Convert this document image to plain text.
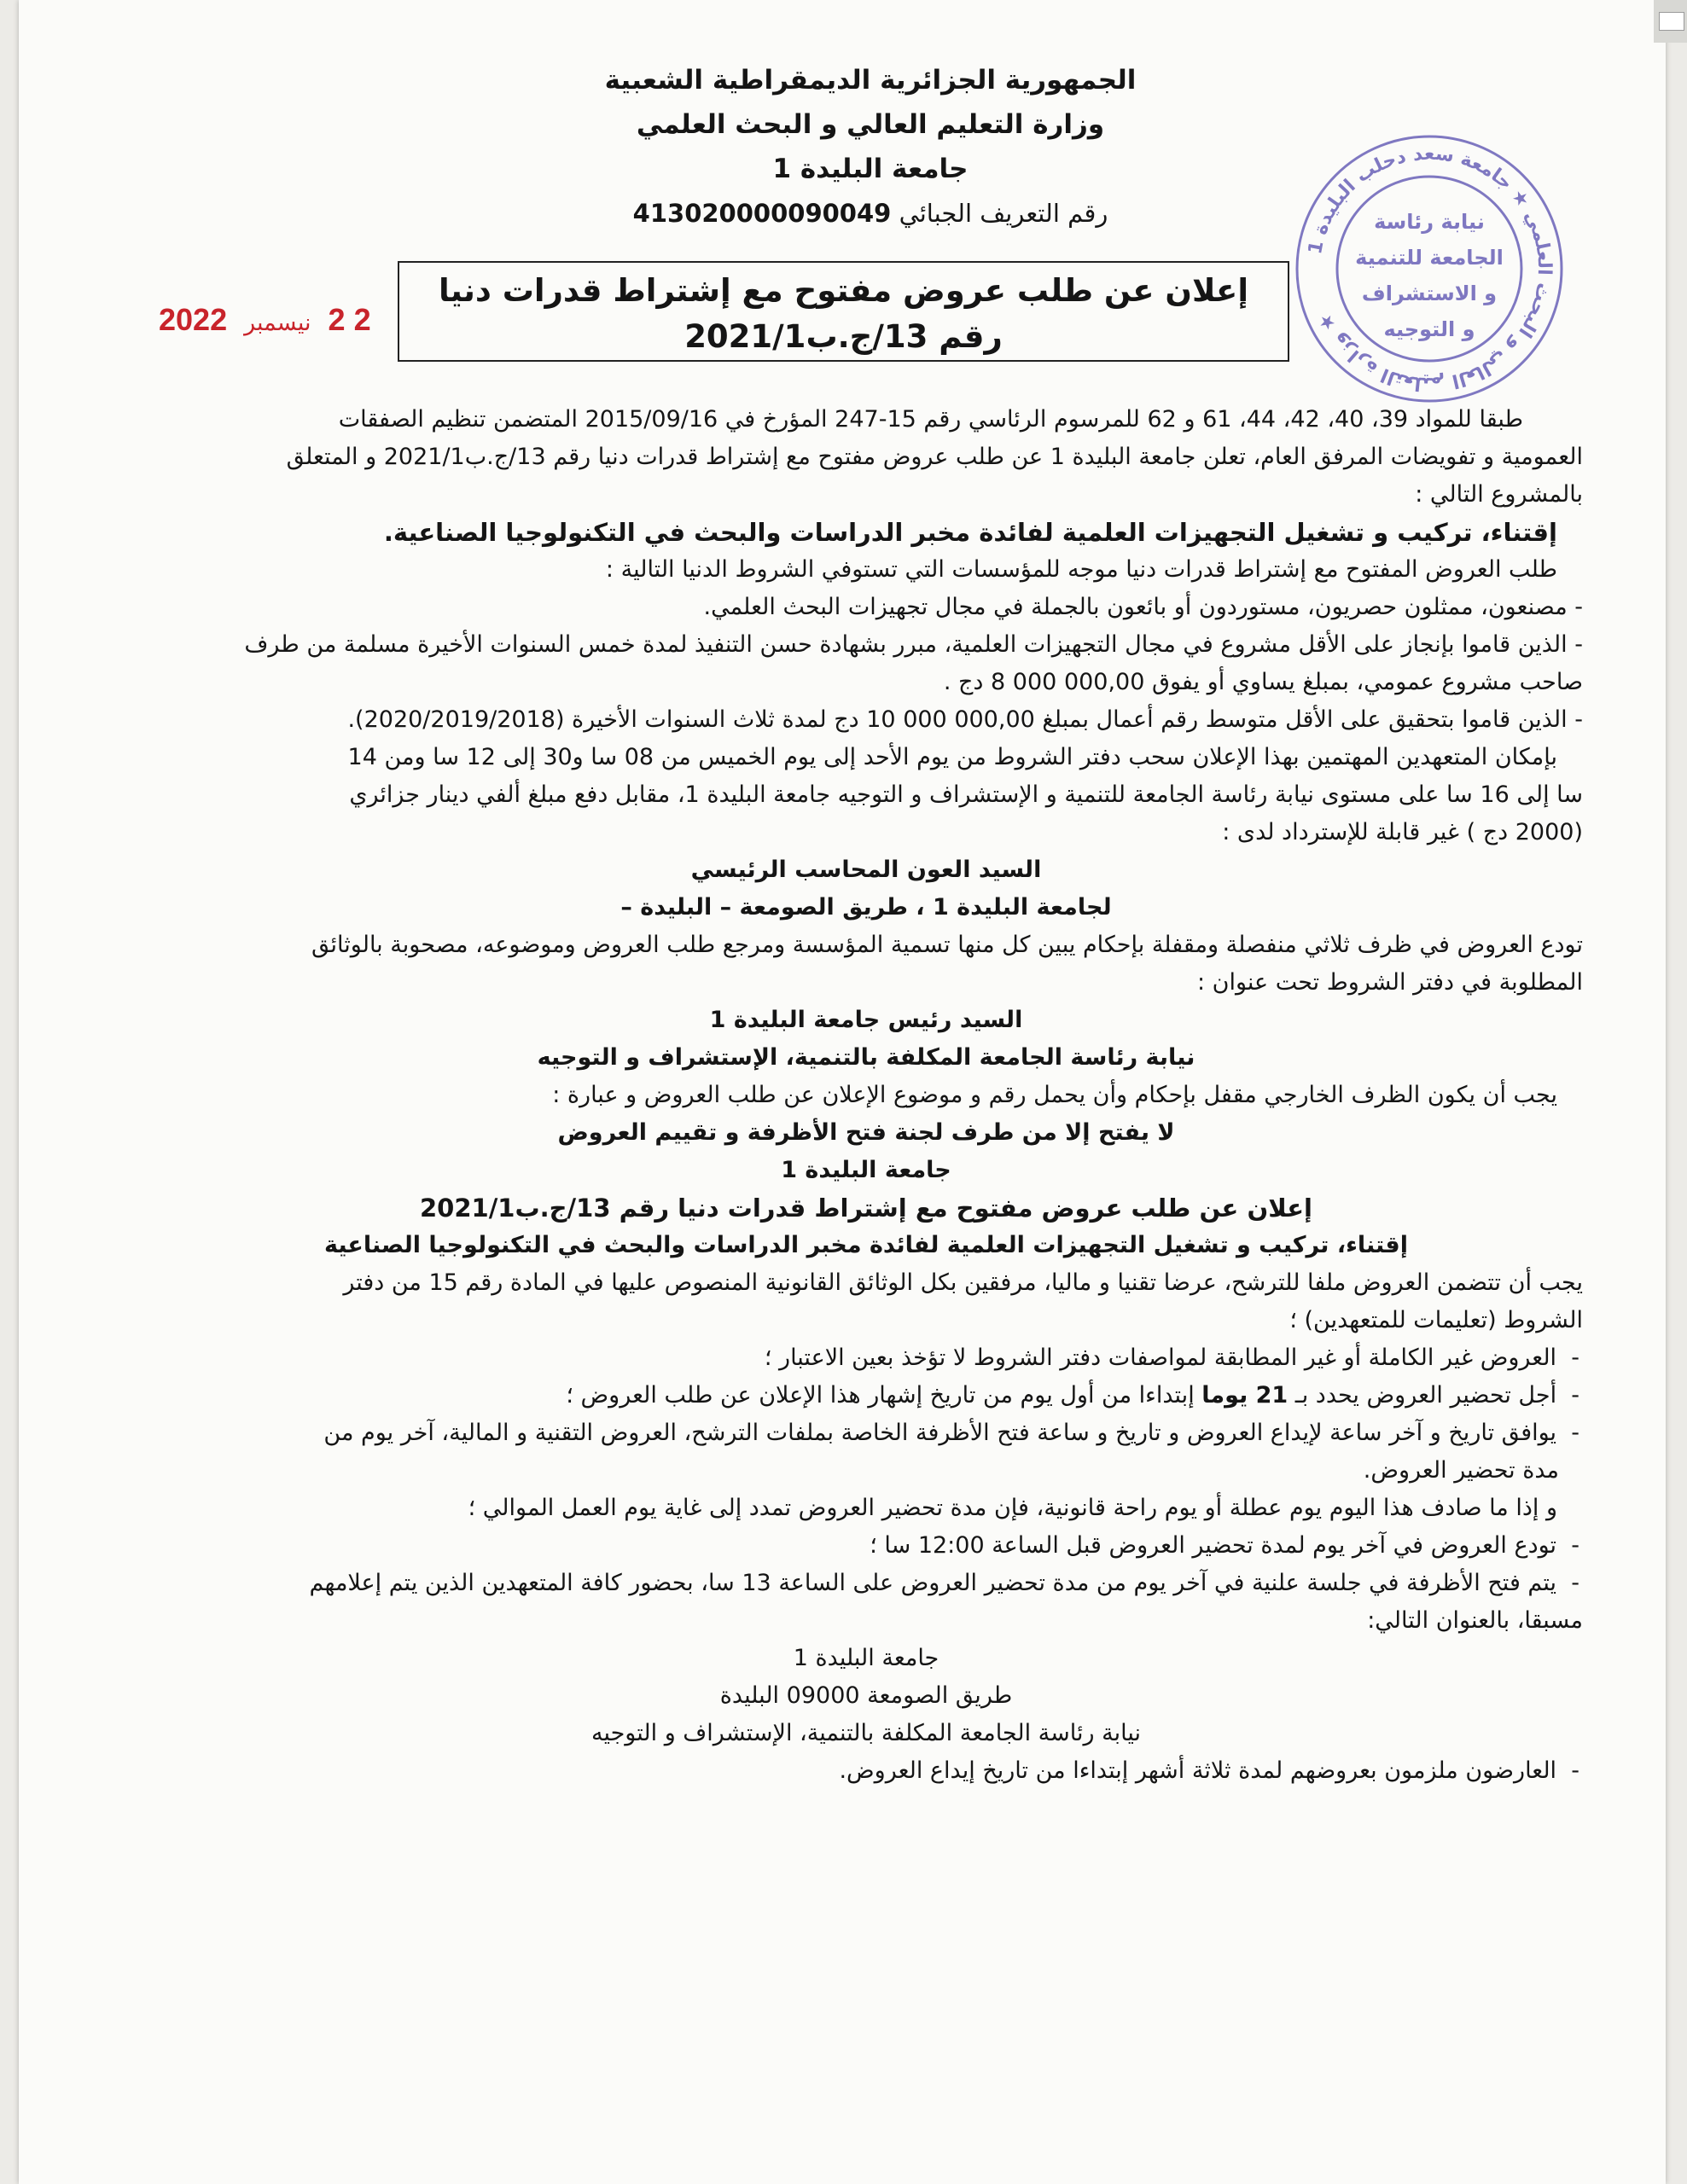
الجمهورية الجزائرية الديمقراطية الشعبية
وزارة التعليم العالي و البحث العلمي
جامعة البليدة 1
رقم التعريف الجبائي 413020000090049
إعلان عن طلب عروض مفتوح مع إشتراط قدرات دنيا
رقم 13/ج.ب2021/1
2 2 نيسمبر 2022
وزارة التعليم العالي و البحث العلمي ★ جامعة سعد دحلب البليدة 1 ★
نيابة رئاسة
الجامعة للتنمية
و الاستشراف
و التوجيه

طبقا للمواد 39، 40، 42، 44، 61 و 62 للمرسوم الرئاسي رقم 15-247 المؤرخ في 2015/09/16 المتضمن تنظيم الصفقات

العمومية و تفويضات المرفق العام، تعلن جامعة البليدة 1 عن طلب عروض مفتوح مع إشتراط قدرات دنيا رقم 13/ج.ب2021/1 و المتعلق

بالمشروع التالي :

إقتناء، تركيب و تشغيل التجهيزات العلمية لفائدة مخبر الدراسات والبحث في التكنولوجيا الصناعية.

طلب العروض المفتوح مع إشتراط قدرات دنيا موجه للمؤسسات التي تستوفي الشروط الدنيا التالية :

- مصنعون، ممثلون حصريون، مستوردون أو بائعون بالجملة في مجال تجهيزات البحث العلمي.

- الذين قاموا بإنجاز على الأقل مشروع في مجال التجهيزات العلمية، مبرر بشهادة حسن التنفيذ لمدة خمس السنوات الأخيرة مسلمة من طرف

صاحب مشروع عمومي، بمبلغ يساوي أو يفوق 000,00 000 8 دج .

- الذين قاموا بتحقيق على الأقل متوسط رقم أعمال بمبلغ 000,00 000 10 دج لمدة ثلاث السنوات الأخيرة (2020/2019/2018).

بإمكان المتعهدين المهتمين بهذا الإعلان سحب دفتر الشروط من يوم الأحد إلى يوم الخميس من 08 سا و30 إلى 12 سا ومن 14

سا إلى 16 سا على مستوى نيابة رئاسة الجامعة للتنمية و الإستشراف و التوجيه جامعة البليدة 1، مقابل دفع مبلغ ألفي دينار جزائري

(2000 دج ) غير قابلة للإسترداد لدى :

السيد العون المحاسب الرئيسي

لجامعة البليدة 1 ، طريق الصومعة – البليدة –

تودع العروض في ظرف ثلاثي منفصلة ومقفلة بإحكام يبين كل منها تسمية المؤسسة ومرجع طلب العروض وموضوعه، مصحوبة بالوثائق

المطلوبة في دفتر الشروط تحت عنوان :

السيد رئيس جامعة البليدة 1

نيابة رئاسة الجامعة المكلفة بالتنمية، الإستشراف و التوجيه

يجب أن يكون الظرف الخارجي مقفل بإحكام وأن يحمل رقم و موضوع الإعلان عن طلب العروض و عبارة :

لا يفتح إلا من طرف لجنة فتح الأظرفة و تقييم العروض

جامعة البليدة 1

إعلان عن طلب عروض مفتوح مع إشتراط قدرات دنيا رقم 13/ج.ب2021/1

إقتناء، تركيب و تشغيل التجهيزات العلمية لفائدة مخبر الدراسات والبحث في التكنولوجيا الصناعية

يجب أن تتضمن العروض ملفا للترشح، عرضا تقنيا و ماليا، مرفقين بكل الوثائق القانونية المنصوص عليها في المادة رقم 15 من دفتر

الشروط (تعليمات للمتعهدين) ؛

-  العروض غير الكاملة أو غير المطابقة لمواصفات دفتر الشروط لا تؤخذ بعين الاعتبار ؛

-  أجل تحضير العروض يحدد بـ 21 يوما إبتداءا من أول يوم من تاريخ إشهار هذا الإعلان عن طلب العروض ؛

-  يوافق تاريخ و آخر ساعة لإيداع العروض و تاريخ و ساعة فتح الأظرفة الخاصة بملفات الترشح، العروض التقنية و المالية، آخر يوم من

مدة تحضير العروض.

و إذا ما صادف هذا اليوم يوم عطلة أو يوم راحة قانونية، فإن مدة تحضير العروض تمدد إلى غاية يوم العمل الموالي ؛

-  تودع العروض في آخر يوم لمدة تحضير العروض قبل الساعة 12:00 سا ؛

-  يتم فتح الأظرفة في جلسة علنية في آخر يوم من مدة تحضير العروض على الساعة 13 سا، بحضور كافة المتعهدين الذين يتم إعلامهم

مسبقا، بالعنوان التالي:

جامعة البليدة 1

طريق الصومعة 09000 البليدة

نيابة رئاسة الجامعة المكلفة بالتنمية، الإستشراف و التوجيه

-  العارضون ملزمون بعروضهم لمدة ثلاثة أشهر إبتداءا من تاريخ إيداع العروض.
